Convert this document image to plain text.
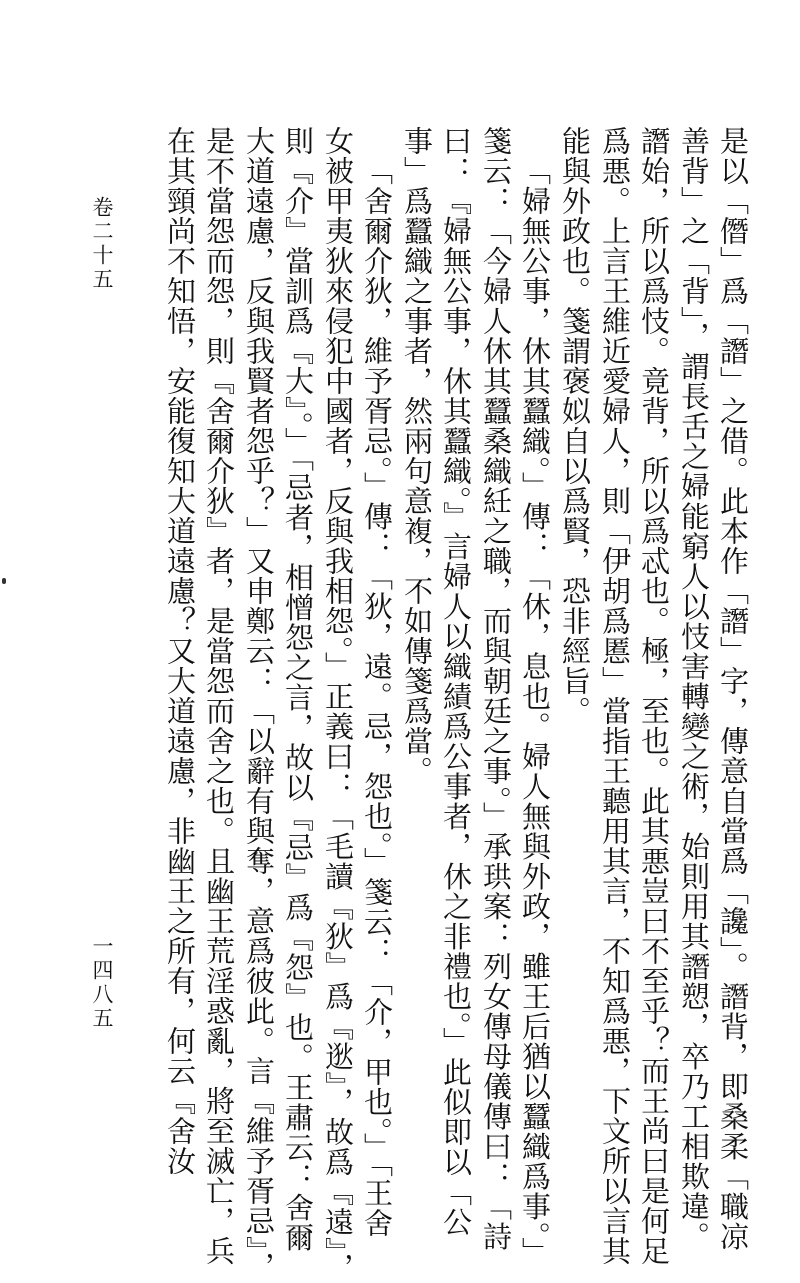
是以「僭」爲「譖」之借。此本作「譖」字，傳意自當爲「讒」。譖背，即桑柔「職凉
善背」之「背」，謂長舌之婦能窮人以忮害轉變之術，始則用其譖愬，卒乃工相欺違。
譖始，所以爲忮。竟背，所以爲忒也。極，至也。此其悪豈曰不至乎？而王尚曰是何足
爲悪。上言王維近愛婦人，則「伊胡爲慝」當指王聽用其言，不知爲悪，下文所以言其
能與外政也。箋謂褒姒自以爲賢，恐非經旨。
「婦無公事，休其蠶織。」傳：「休，息也。婦人無與外政，雖王后猶以蠶織爲事。」
箋云：「今婦人休其蠶桑織紝之職，而與朝廷之事。」承珙案：列女傳母儀傳曰：「詩
曰：『婦無公事，休其蠶織。』言婦人以織績爲公事者，休之非禮也。」此似即以「公
事」爲蠶織之事者，然兩句意複，不如傳箋爲當。
「舍爾介狄，維予胥忌。」傳：「狄，遠。忌，怨也。」箋云：「介，甲也。」「王舍
女被甲夷狄來侵犯中國者，反與我相怨。」正義曰：「毛讀『狄』爲『逖』，故爲『遠』，
則『介』當訓爲『大』。」「忌者，相憎怨之言，故以『忌』爲『怨』也。王肅云：舍爾
大道遠慮，反與我賢者怨乎？」又申鄭云：「以辭有與奪，意爲彼此。言『維予胥忌』，
是不當怨而怨，則『舍爾介狄』者，是當怨而舍之也。且幽王荒淫惑亂，將至滅亡，兵
在其頸尚不知悟，安能復知大道遠慮？又大道遠慮，非幽王之所有，何云『舍汝
卷二十五
一四八五
